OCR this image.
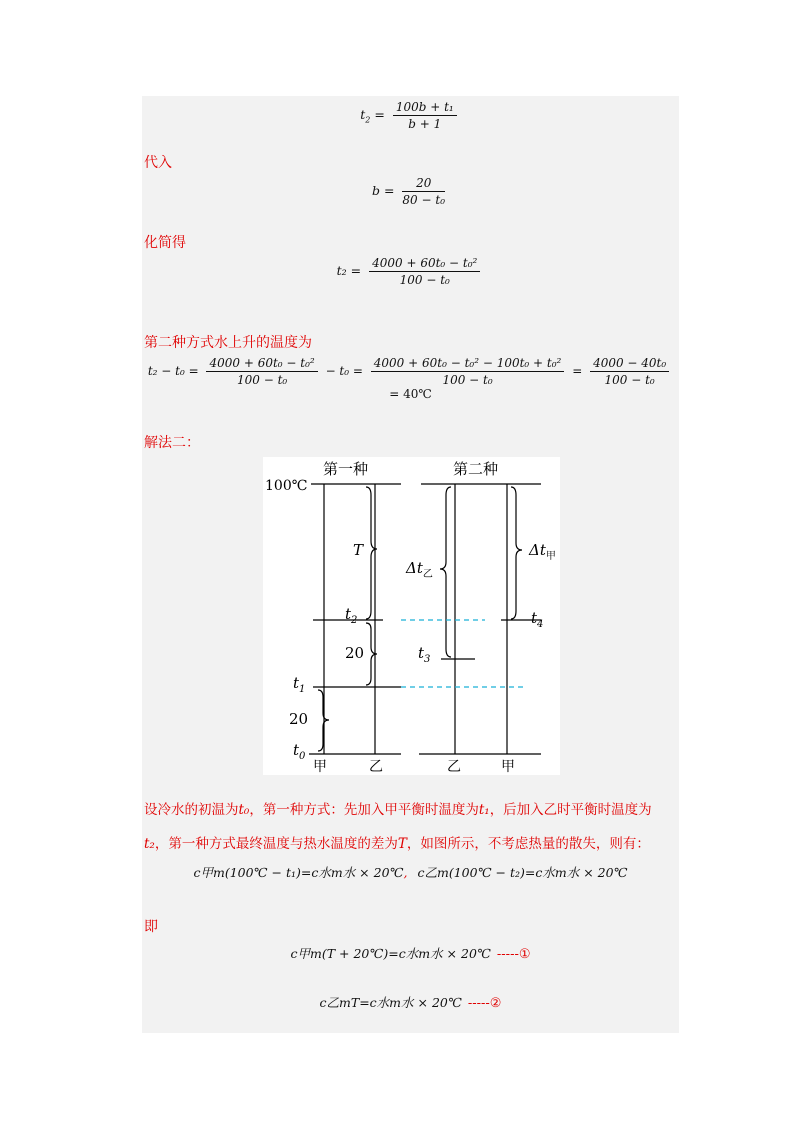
$t_2 = \frac{\text{100b + t₁}}{b + 1}$
代入
$b = \frac{20}{\text{80 − t₀}}$
化简得
$t_2 = \frac{\text{4000 + 60t₀ − t₀²}}{\text{100 − t₀}}$
第二种方式水上升的温度为
$t_2 - t_0 = \frac{\text{4000 + 60t₀ − t₀²}}{\text{100 − t₀}} - t_0 = \frac{\text{4000 + 60t₀ − t₀² − 100t₀ + t₀²}}{\text{100 − t₀}} = \frac{\text{4000 − 40t₀}}{\text{100 − t₀}}$
= 40℃
解法二：
第一种	第二种
100℃
T
$t_2$
20
$t_1$
20
$t_0$
$t_3$
$t_4$
$\Delta t_乙$
$\Delta t_甲$
甲	乙	乙	甲
设冷水的初温为t₀，第一种方式：先加入甲平衡时温度为t₁，后加入乙时平衡时温度为
t₂，第一种方式最终温度与热水温度的差为T，如图所示，不考虑热量的散失，则有：
c甲m(100℃ − t₁)=c水m水 × 20℃, c乙m(100℃ − t₂)=c水m水 × 20℃
即
c甲m(T + 20℃)=c水m水 × 20℃ -----①
c乙mT=c水m水 × 20℃ -----②
